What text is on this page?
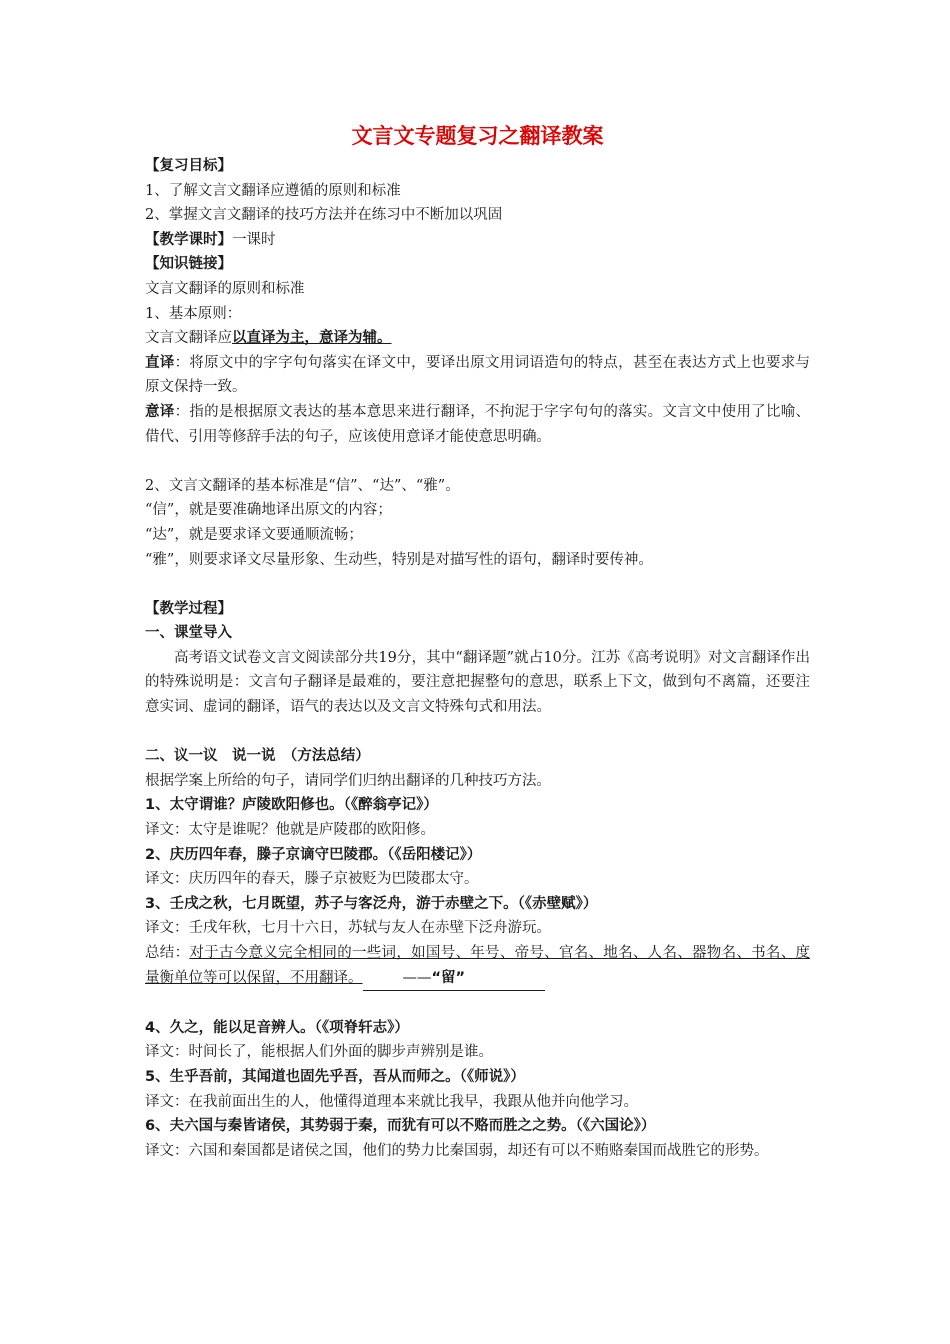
文言文专题复习之翻译教案
【复习目标】
1、了解文言文翻译应遵循的原则和标准
2、掌握文言文翻译的技巧方法并在练习中不断加以巩固
【教学课时】一课时
【知识链接】
文言文翻译的原则和标准
1、基本原则：
文言文翻译应以直译为主，意译为辅。
直译：将原文中的字字句句落实在译文中，要译出原文用词语造句的特点，甚至在表达方式上也要求与原文保持一致。
意译：指的是根据原文表达的基本意思来进行翻译，不拘泥于字字句句的落实。文言文中使用了比喻、借代、引用等修辞手法的句子，应该使用意译才能使意思明确。
2、文言文翻译的基本标准是“信”、“达”、“雅”。
“信”，就是要准确地译出原文的内容；
“达”，就是要求译文要通顺流畅；
“雅”，则要求译文尽量形象、生动些，特别是对描写性的语句，翻译时要传神。
【教学过程】
一、课堂导入
高考语文试卷文言文阅读部分共19分，其中“翻译题”就占10分。江苏《高考说明》对文言翻译作出的特殊说明是：文言句子翻译是最难的，要注意把握整句的意思，联系上下文，做到句不离篇，还要注意实词、虚词的翻译，语气的表达以及文言文特殊句式和用法。
二、议一议　说一说　（方法总结）
根据学案上所给的句子，请同学们归纳出翻译的几种技巧方法。
1、太守谓谁？庐陵欧阳修也。（《醉翁亭记》）
译文：太守是谁呢？他就是庐陵郡的欧阳修。
2、庆历四年春，滕子京谪守巴陵郡。（《岳阳楼记》）
译文：庆历四年的春天，滕子京被贬为巴陵郡太守。
3、壬戌之秋，七月既望，苏子与客泛舟，游于赤壁之下。（《赤壁赋》）
译文：壬戌年秋，七月十六日，苏轼与友人在赤壁下泛舟游玩。
总结：对于古今意义完全相同的一些词，如国号、年号、帝号、官名、地名、人名、器物名、书名、度量衡单位等可以保留，不用翻译。	——“留”
4、久之，能以足音辨人。（《项脊轩志》）
译文：时间长了，能根据人们外面的脚步声辨别是谁。
5、生乎吾前，其闻道也固先乎吾，吾从而师之。（《师说》）
译文：在我前面出生的人，他懂得道理本来就比我早，我跟从他并向他学习。
6、夫六国与秦皆诸侯，其势弱于秦，而犹有可以不赂而胜之之势。（《六国论》）
译文：六国和秦国都是诸侯之国，他们的势力比秦国弱，却还有可以不贿赂秦国而战胜它的形势。
